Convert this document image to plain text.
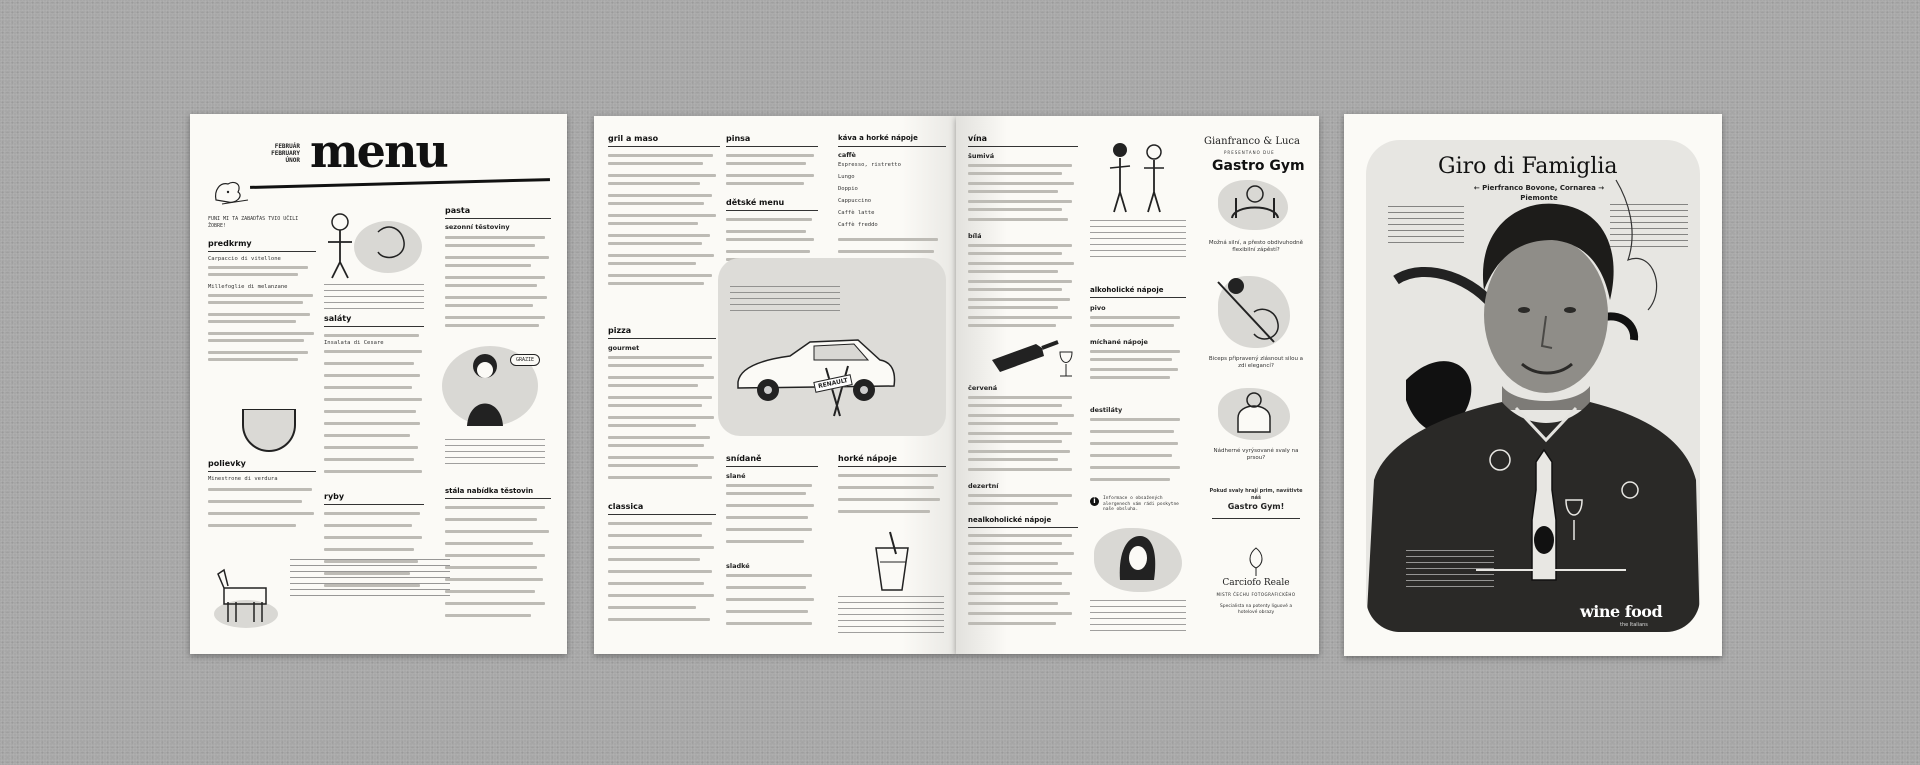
FEBRUÁR
FEBRUARY
ÚNOR menu
FUNI MI TA ZABADŤAS TVIO UČILI ŽOBRE!
predkrmy
Carpaccio di vitellone
Millefoglie di melanzane
polievky
Minestrone di verdura
saláty
Insalata di Cesare
ryby
pasta
sezonní těstoviny
GRAZIE
stála nabídka těstovin
gril a maso	pinsa
dětské menu
káva a horké nápoje
caffè
Espresso, ristretto
Lungo
Doppio
Cappuccino
Caffè latte
Caffè freddo
RENAULT
pizza
gourmet
classica
snídaně
slané
sladké
horké nápoje
vína
šumivá
bílá
červená
dezertní
nealkoholické nápoje
alkoholické nápoje
pivo
míchané nápoje
destiláty
i	Informace o obsažených alergenech vám rádi poskytne naše obsluha.
Gianfranco & Luca
PRESENTANO DUE
Gastro Gym
Možná silní, a přesto obdivuhodně flexibilní zápěstí?
Biceps připravený zlásnout silou a zdi elegancí?
Nádherné vyrýsované svaly na prsou?
Pokud svaly hrají prim, navštivte náš
Gastro Gym!
Carciofo Reale
MISTR ČECHU FOTOGRAFICKÉHO
Specialista na potenty liguové a hotelové obrazy
Giro di Famiglia
← Pierfranco Bovone, Cornarea →
Piemonte
wine food
the Italians
